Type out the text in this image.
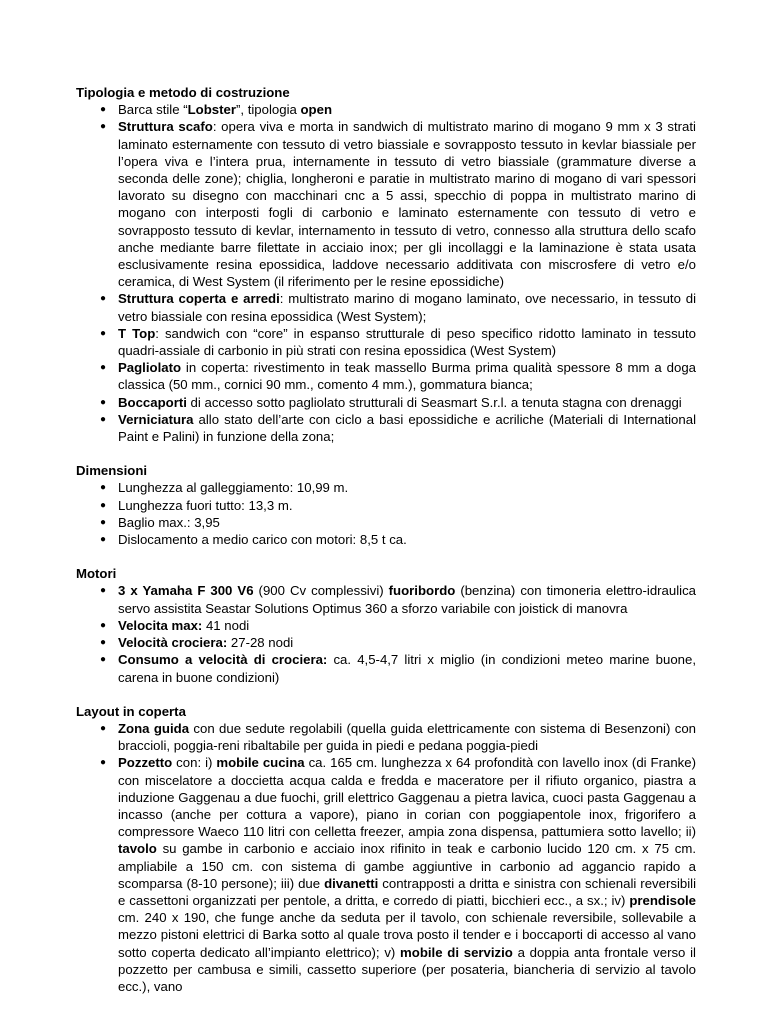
Tipologia e metodo di costruzione
● Barca stile “Lobster”, tipologia open
● Struttura scafo: opera viva e morta in sandwich di multistrato marino di mogano 9 mm x 3 strati laminato esternamente con tessuto di vetro biassiale e sovrapposto tessuto in kevlar biassiale per l’opera viva e l’intera prua, internamente in tessuto di vetro biassiale (grammature diverse a seconda delle zone); chiglia, longheroni e paratie in multistrato marino di mogano di vari spessori lavorato su disegno con macchinari cnc a 5 assi, specchio di poppa in multistrato marino di mogano con interposti fogli di carbonio e laminato esternamente con tessuto di vetro e sovrapposto tessuto di kevlar, internamento in tessuto di vetro, connesso alla struttura dello scafo anche mediante barre filettate in acciaio inox; per gli incollaggi e la laminazione è stata usata esclusivamente resina epossidica, laddove necessario additivata con miscrosfere di vetro e/o ceramica, di West System (il riferimento per le resine epossidiche)
● Struttura coperta e arredi: multistrato marino di mogano laminato, ove necessario, in tessuto di vetro biassiale con resina epossidica (West System);
● T Top: sandwich con “core” in espanso strutturale di peso specifico ridotto laminato in tessuto quadri-assiale di carbonio in più strati con resina epossidica (West System)
● Pagliolato in coperta: rivestimento in teak massello Burma prima qualità spessore 8 mm a doga classica (50 mm., cornici 90 mm., comento 4 mm.), gommatura bianca;
● Boccaporti di accesso sotto pagliolato strutturali di Seasmart S.r.l. a tenuta stagna con drenaggi
● Verniciatura allo stato dell’arte con ciclo a basi epossidiche e acriliche (Materiali di International Paint e Palini) in funzione della zona;
Dimensioni
● Lunghezza al galleggiamento: 10,99 m.
● Lunghezza fuori tutto: 13,3 m.
● Baglio max.: 3,95
● Dislocamento a medio carico con motori: 8,5 t ca.
Motori
● 3 x Yamaha F 300 V6 (900 Cv complessivi) fuoribordo (benzina) con timoneria elettro-idraulica servo assistita Seastar Solutions Optimus 360 a sforzo variabile con joistick di manovra
● Velocita max: 41 nodi
● Velocità crociera: 27-28 nodi
● Consumo a velocità di crociera: ca. 4,5-4,7 litri x miglio (in condizioni meteo marine buone, carena in buone condizioni)
Layout in coperta
● Zona guida con due sedute regolabili (quella guida elettricamente con sistema di Besenzoni) con braccioli, poggia-reni ribaltabile per guida in piedi e pedana poggia-piedi
● Pozzetto con: i) mobile cucina ca. 165 cm. lunghezza x 64 profondità con lavello inox (di Franke) con miscelatore a doccietta acqua calda e fredda e maceratore per il rifiuto organico, piastra a induzione Gaggenau a due fuochi, grill elettrico Gaggenau a pietra lavica, cuoci pasta Gaggenau a incasso (anche per cottura a vapore), piano in corian con poggiapentole inox, frigorifero a compressore Waeco 110 litri con celletta freezer, ampia zona dispensa, pattumiera sotto lavello; ii) tavolo su gambe in carbonio e acciaio inox rifinito in teak e carbonio lucido 120 cm. x 75 cm. ampliabile a 150 cm. con sistema di gambe aggiuntive in carbonio ad aggancio rapido a scomparsa (8-10 persone); iii) due divanetti contrapposti a dritta e sinistra con schienali reversibili e cassettoni organizzati per pentole, a dritta, e corredo di piatti, bicchieri ecc., a sx.; iv) prendisole cm. 240 x 190, che funge anche da seduta per il tavolo, con schienale reversibile, sollevabile a mezzo pistoni elettrici di Barka sotto al quale trova posto il tender e i boccaporti di accesso al vano sotto coperta dedicato all’impianto elettrico); v) mobile di servizio a doppia anta frontale verso il pozzetto per cambusa e simili, cassetto superiore (per posateria, biancheria di servizio al tavolo ecc.), vano
